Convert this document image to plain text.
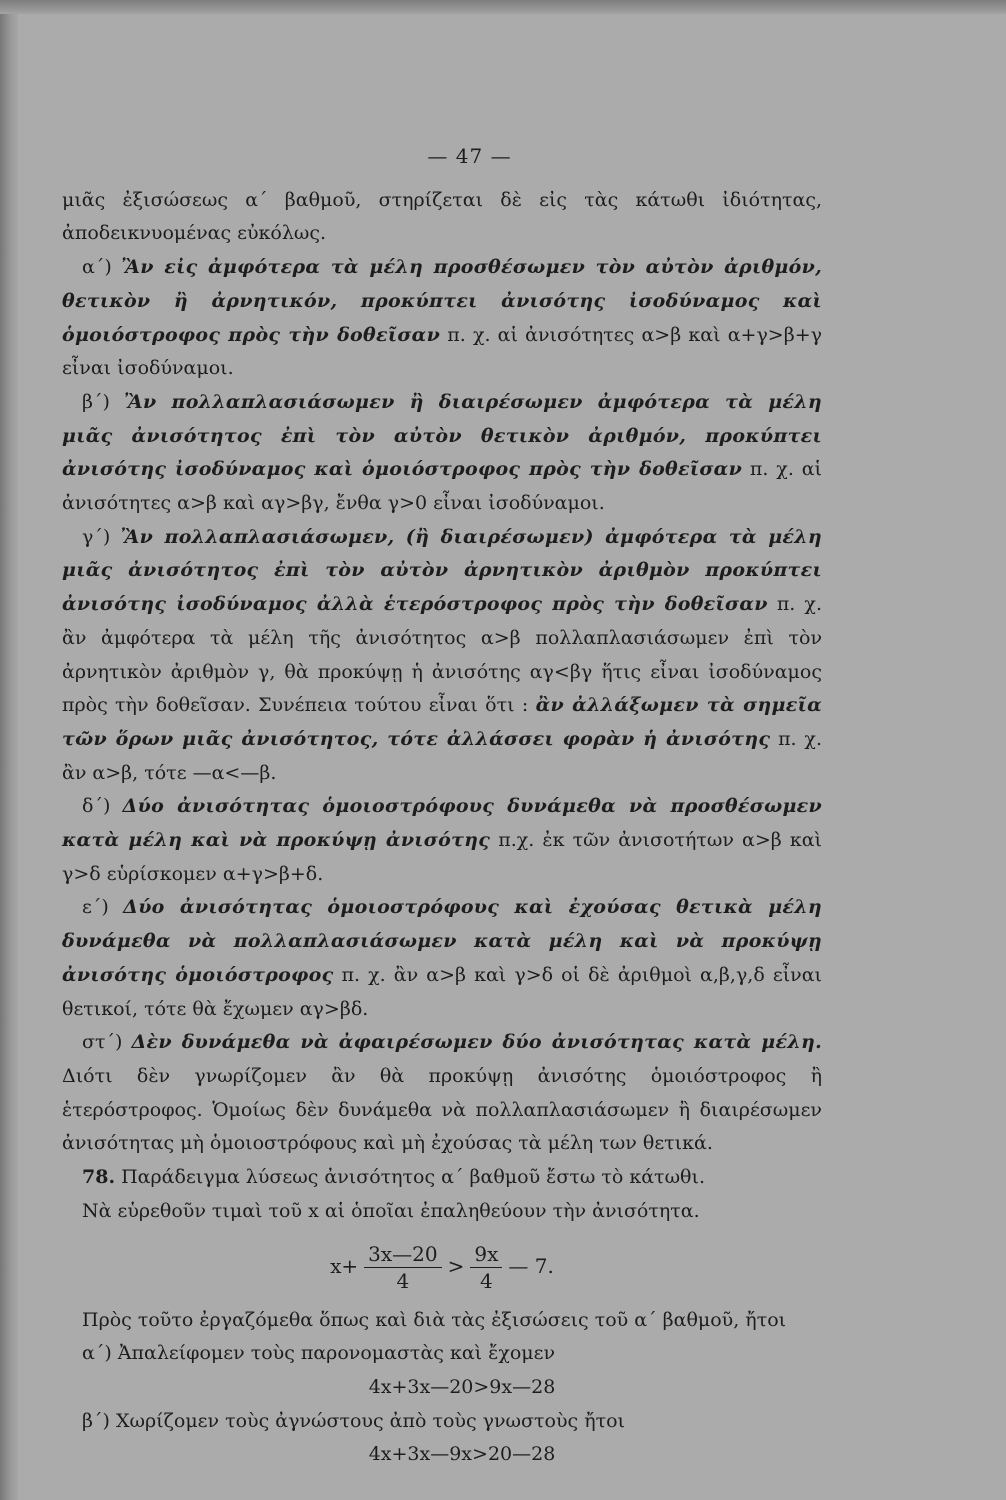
— 47 —

μιᾶς ἐξισώσεως α΄ βαθμοῦ, στηρίζεται δὲ εἰς τὰς κάτωθι ἰδιότητας, ἀποδεικνυομένας εὐκόλως.

α΄) Ἂν εἰς ἀμφότερα τὰ μέλη προσθέσωμεν τὸν αὐτὸν ἀριθμόν, θετικὸν ἢ ἀρνητικόν, προκύπτει ἀνισότης ἰσοδύναμος καὶ ὁμοιόστροφος πρὸς τὴν δοθεῖσαν π. χ. αἱ ἀνισότητες α>β καὶ α+γ>β+γ εἶναι ἰσοδύναμοι.

β΄) Ἂν πολλαπλασιάσωμεν ἢ διαιρέσωμεν ἀμφότερα τὰ μέλη μιᾶς ἀνισότητος ἐπὶ τὸν αὐτὸν θετικὸν ἀριθμόν, προκύπτει ἀνισότης ἰσοδύναμος καὶ ὁμοιόστροφος πρὸς τὴν δοθεῖσαν π. χ. αἱ ἀνισότητες α>β καὶ αγ>βγ, ἔνθα γ>0 εἶναι ἰσοδύναμοι.

γ΄) Ἂν πολλαπλασιάσωμεν, (ἢ διαιρέσωμεν) ἀμφότερα τὰ μέλη μιᾶς ἀνισότητος ἐπὶ τὸν αὐτὸν ἀρνητικὸν ἀριθμὸν προκύπτει ἀνισότης ἰσοδύναμος ἀλλὰ ἑτερόστροφος πρὸς τὴν δοθεῖσαν π. χ. ἂν ἀμφότερα τὰ μέλη τῆς ἀνισότητος α>β πολλαπλασιάσωμεν ἐπὶ τὸν ἀρνητικὸν ἀριθμὸν γ, θὰ προκύψῃ ἡ ἀνισότης αγ<βγ ἥτις εἶναι ἰσοδύναμος πρὸς τὴν δοθεῖσαν. Συνέπεια τούτου εἶναι ὅτι : ἂν ἀλλάξωμεν τὰ σημεῖα τῶν ὅρων μιᾶς ἀνισότητος, τότε ἀλλάσσει φορὰν ἡ ἀνισότης π. χ. ἂν α>β, τότε —α<—β.

δ΄) Δύο ἀνισότητας ὁμοιοστρόφους δυνάμεθα νὰ προσθέσωμεν κατὰ μέλη καὶ νὰ προκύψῃ ἀνισότης π.χ. ἐκ τῶν ἀνισοτήτων α>β καὶ γ>δ εὑρίσκομεν α+γ>β+δ.

ε΄) Δύο ἀνισότητας ὁμοιοστρόφους καὶ ἐχούσας θετικὰ μέλη δυνάμεθα νὰ πολλαπλασιάσωμεν κατὰ μέλη καὶ νὰ προκύψῃ ἀνισότης ὁμοιόστροφος π. χ. ἂν α>β καὶ γ>δ οἱ δὲ ἀριθμοὶ α,β,γ,δ εἶναι θετικοί, τότε θὰ ἔχωμεν αγ>βδ.

στ΄) Δὲν δυνάμεθα νὰ ἀφαιρέσωμεν δύο ἀνισότητας κατὰ μέλη. Διότι δὲν γνωρίζομεν ἂν θὰ προκύψῃ ἀνισότης ὁμοιόστροφος ἢ ἑτερόστροφος. Ὁμοίως δὲν δυνάμεθα νὰ πολλαπλασιάσωμεν ἢ διαιρέσωμεν ἀνισότητας μὴ ὁμοιοστρόφους καὶ μὴ ἐχούσας τὰ μέλη των θετικά.

78. Παράδειγμα λύσεως ἀνισότητος α΄ βαθμοῦ ἔστω τὸ κάτωθι.

Νὰ εὑρεθοῦν τιμαὶ τοῦ x αἱ ὁποῖαι ἐπαληθεύουν τὴν ἀνισότητα.

$x+ \frac{3x—20}{4} > \frac{9x}{4}$ — 7.

Πρὸς τοῦτο ἐργαζόμεθα ὅπως καὶ διὰ τὰς ἐξισώσεις τοῦ α΄ βαθμοῦ, ἤτοι

α΄) Ἀπαλείφομεν τοὺς παρονομαστὰς καὶ ἔχομεν

4x+3x—20>9x—28

β΄) Χωρίζομεν τοὺς ἀγνώστους ἀπὸ τοὺς γνωστοὺς ἤτοι

4x+3x—9x>20—28
